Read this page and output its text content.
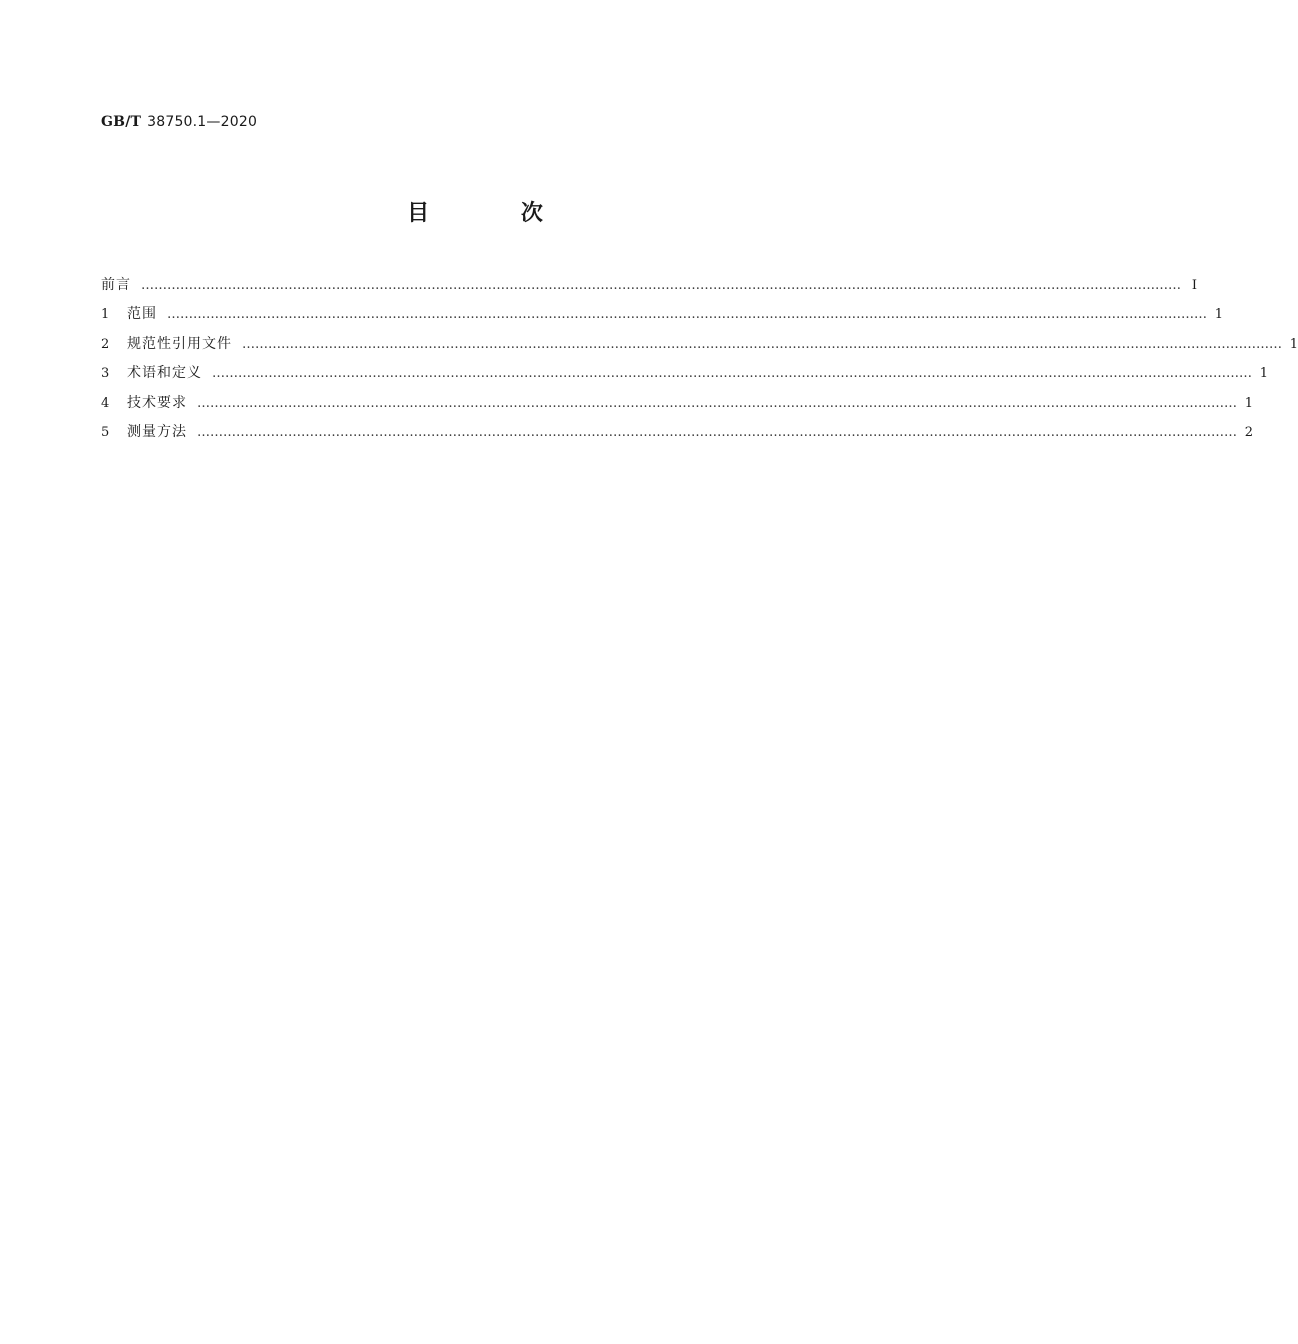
GB/T 38750.1—2020
目 次
前言 …………………………………………………………………………………………………………………………………………………………………………………………………………………… Ⅰ
1	范围 …………………………………………………………………………………………………………………………………………………………………………………………………………………… 1
2	规范性引用文件 …………………………………………………………………………………………………………………………………………………………………………………………………………………… 1
3	术语和定义 …………………………………………………………………………………………………………………………………………………………………………………………………………………… 1
4	技术要求 …………………………………………………………………………………………………………………………………………………………………………………………………………………… 1
5	测量方法 …………………………………………………………………………………………………………………………………………………………………………………………………………………… 2
